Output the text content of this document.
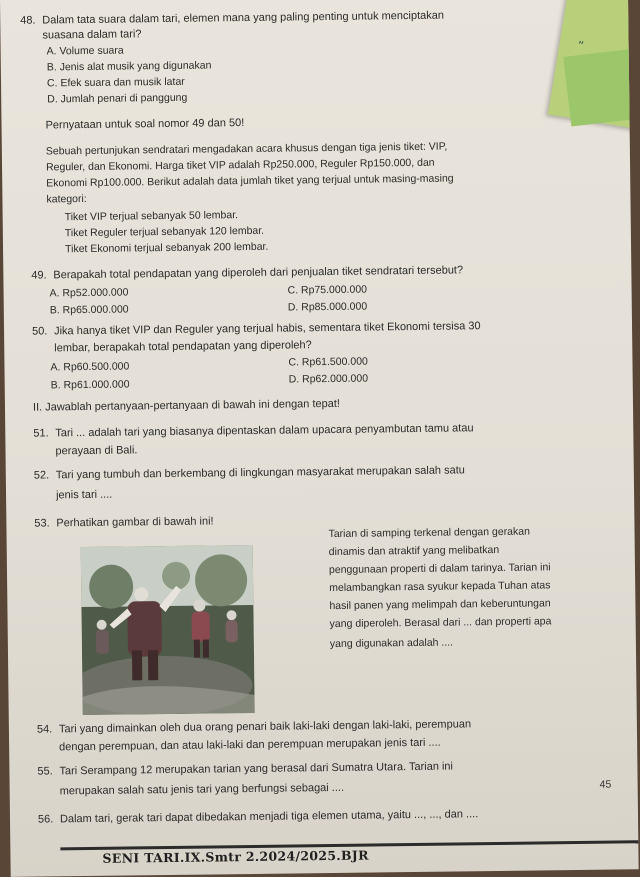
”
48. Dalam tata suara dalam tari, elemen mana yang paling penting untuk menciptakan
suasana dalam tari?
A. Volume suara
B. Jenis alat musik yang digunakan
C. Efek suara dan musik latar
D. Jumlah penari di panggung
Pernyataan untuk soal nomor 49 dan 50!
Sebuah pertunjukan sendratari mengadakan acara khusus dengan tiga jenis tiket: VIP,
Reguler, dan Ekonomi. Harga tiket VIP adalah Rp250.000, Reguler Rp150.000, dan
Ekonomi Rp100.000. Berikut adalah data jumlah tiket yang terjual untuk masing-masing
kategori:
Tiket VIP terjual sebanyak 50 lembar.
Tiket Reguler terjual sebanyak 120 lembar.
Tiket Ekonomi terjual sebanyak 200 lembar.
49. Berapakah total pendapatan yang diperoleh dari penjualan tiket sendratari tersebut?
A. Rp52.000.000	C. Rp75.000.000
B. Rp65.000.000	D. Rp85.000.000
50. Jika hanya tiket VIP dan Reguler yang terjual habis, sementara tiket Ekonomi tersisa 30
lembar, berapakah total pendapatan yang diperoleh?
A. Rp60.500.000	C. Rp61.500.000
B. Rp61.000.000	D. Rp62.000.000
II. Jawablah pertanyaan-pertanyaan di bawah ini dengan tepat!
51. Tari ... adalah tari yang biasanya dipentaskan dalam upacara penyambutan tamu atau
perayaan di Bali.
52. Tari yang tumbuh dan berkembang di lingkungan masyarakat merupakan salah satu
jenis tari ....
53. Perhatikan gambar di bawah ini!
Tarian di samping terkenal dengan gerakan
dinamis dan atraktif yang melibatkan
penggunaan properti di dalam tarinya. Tarian ini
melambangkan rasa syukur kepada Tuhan atas
hasil panen yang melimpah dan keberuntungan
yang diperoleh. Berasal dari ... dan properti apa
yang digunakan adalah ....
54. Tari yang dimainkan oleh dua orang penari baik laki-laki dengan laki-laki, perempuan
dengan perempuan, dan atau laki-laki dan perempuan merupakan jenis tari ....
55. Tari Serampang 12 merupakan tarian yang berasal dari Sumatra Utara. Tarian ini
merupakan salah satu jenis tari yang berfungsi sebagai ....	45
56. Dalam tari, gerak tari dapat dibedakan menjadi tiga elemen utama, yaitu ..., ..., dan ....
SENI TARI.IX.Smtr 2.2024/2025.BJR
